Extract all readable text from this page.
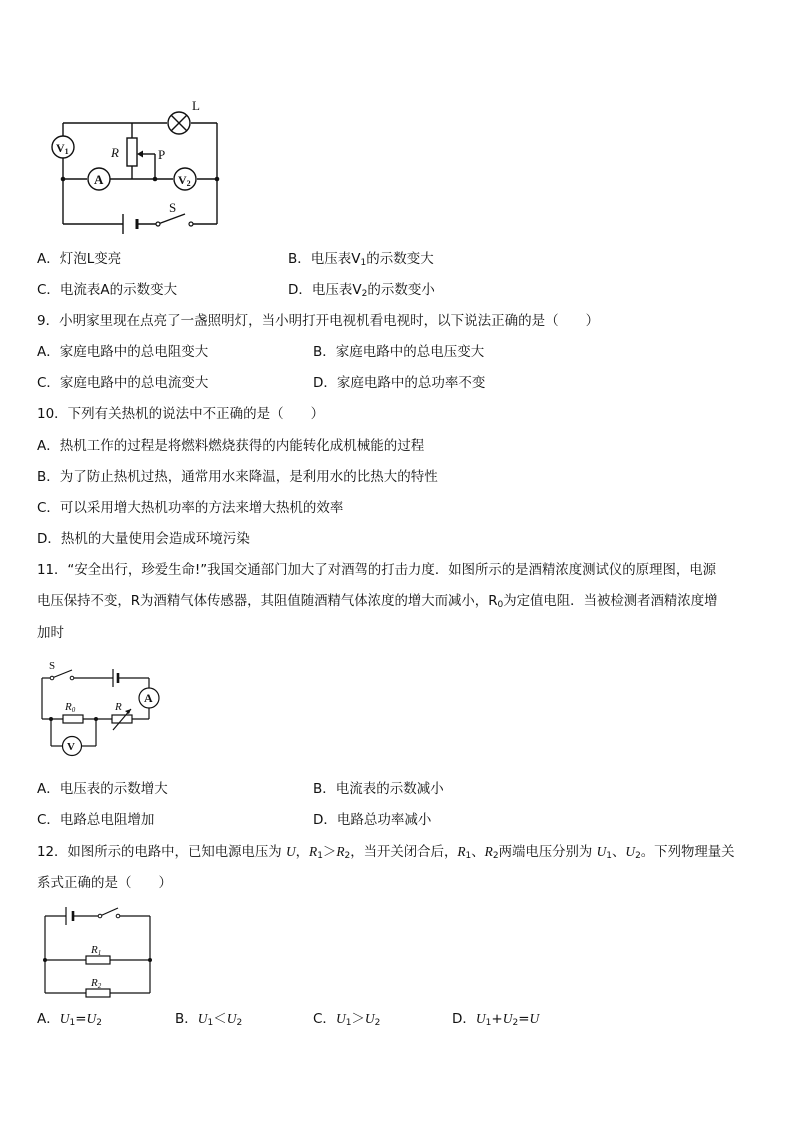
L
V1	R	P
A	V2
S
A．灯泡L变亮	B．电压表$V_1$的示数变大
C．电流表A的示数变大	D．电压表$V_2$的示数变小
9．小明家里现在点亮了一盏照明灯，当小明打开电视机看电视时，以下说法正确的是（　　）
A．家庭电路中的总电阻变大	B．家庭电路中的总电压变大
C．家庭电路中的总电流变大	D．家庭电路中的总功率不变
10．下列有关热机的说法中不正确的是（　　）
A．热机工作的过程是将燃料燃烧获得的内能转化成机械能的过程
B．为了防止热机过热，通常用水来降温，是利用水的比热大的特性
C．可以采用增大热机功率的方法来增大热机的效率
D．热机的大量使用会造成环境污染
11．“安全出行，珍爱生命!”我国交通部门加大了对酒驾的打击力度．如图所示的是酒精浓度测试仪的原理图，电源
电压保持不变，R为酒精气体传感器，其阻值随酒精气体浓度的增大而减小，$R_0$为定值电阻．当被检测者酒精浓度增
加时
S
A
R0	R
V
A．电压表的示数增大	B．电流表的示数减小
C．电路总电阻增加	D．电路总功率减小
12．如图所示的电路中，已知电源电压为 U，$R_1>R_2$，当开关闭合后，$R_1$、$R_2$两端电压分别为 $U_1$、$U_2$。下列物理量关
系式正确的是（　　）
R1
R2
A．$U_1=U_2$	B．$U_1<U_2$	C．$U_1>U_2$	D．$U_1+U_2=U$
